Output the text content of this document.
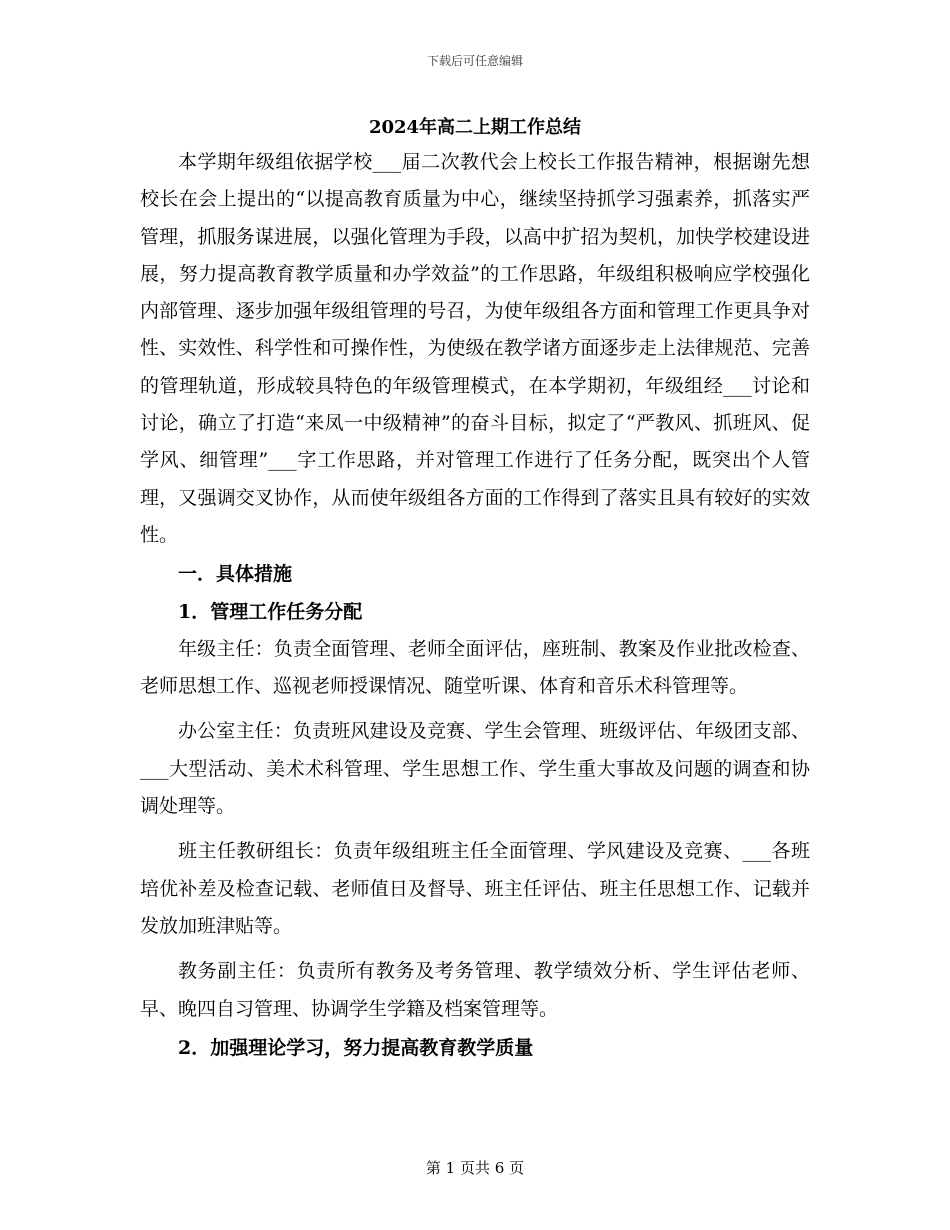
下载后可任意编辑
2024年高二上期工作总结

本学期年级组依据学校___届二次教代会上校长工作报告精神，根据谢先想校长在会上提出的“以提高教育质量为中心，继续坚持抓学习强素养，抓落实严管理，抓服务谋进展，以强化管理为手段，以高中扩招为契机，加快学校建设进展，努力提高教育教学质量和办学效益”的工作思路，年级组积极响应学校强化内部管理、逐步加强年级组管理的号召，为使年级组各方面和管理工作更具争对性、实效性、科学性和可操作性，为使级在教学诸方面逐步走上法律规范、完善的管理轨道，形成较具特色的年级管理模式，在本学期初，年级组经___讨论和讨论，确立了打造“来凤一中级精神”的奋斗目标，拟定了“严教风、抓班风、促学风、细管理”___字工作思路，并对管理工作进行了任务分配，既突出个人管理，又强调交叉协作，从而使年级组各方面的工作得到了落实且具有较好的实效性。

一．具体措施
1．管理工作任务分配

年级主任：负责全面管理、老师全面评估，座班制、教案及作业批改检查、老师思想工作、巡视老师授课情况、随堂听课、体育和音乐术科管理等。

办公室主任：负责班风建设及竞赛、学生会管理、班级评估、年级团支部、___大型活动、美术术科管理、学生思想工作、学生重大事故及问题的调查和协调处理等。

班主任教研组长：负责年级组班主任全面管理、学风建设及竞赛、___各班培优补差及检查记载、老师值日及督导、班主任评估、班主任思想工作、记载并发放加班津贴等。

教务副主任：负责所有教务及考务管理、教学绩效分析、学生评估老师、早、晚四自习管理、协调学生学籍及档案管理等。

2．加强理论学习，努力提高教育教学质量
第 1 页共 6 页
